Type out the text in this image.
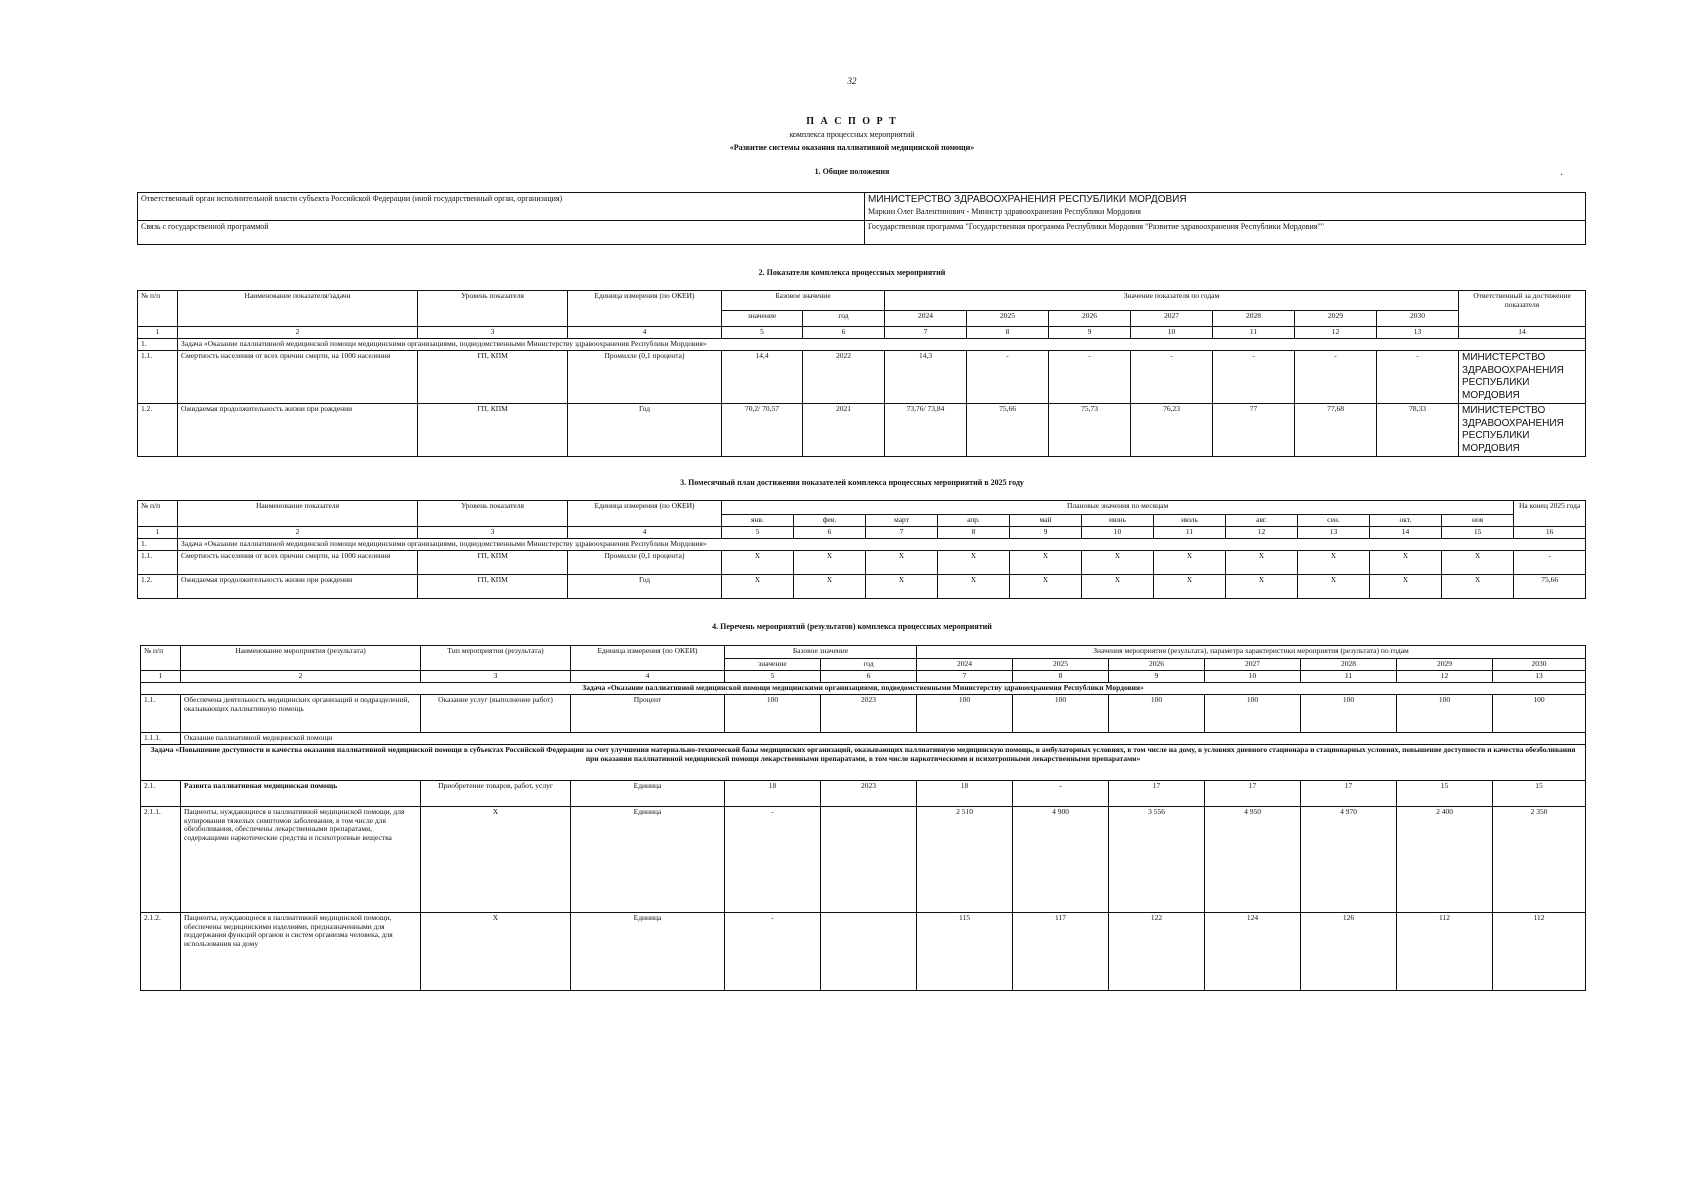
32
П А С П О Р Т
комплекса процессных мероприятий
«Развитие системы оказания паллиативной медицинской помощи»
1. Общие положения	·
Ответственный орган исполнительной власти субъекта Российской Федерации (иной государственный орган, организация)	МИНИСТЕРСТВО ЗДРАВООХРАНЕНИЯ РЕСПУБЛИКИ МОРДОВИЯ
Маркин Олег Валентинович - Министр здравоохранения Республики Мордовия

Связь с государственной программой	Государственная программа "Государственная программа Республики Мордовия "Развитие здравоохранения Республики Мордовия""
2. Показатели комплекса процессных мероприятий
№ п/п	Наименование показателя/задачи	Уровень показателя	Единица измерения (по ОКЕИ)	Базовое значение		Значение показателя по годам							Ответственный за достижение показателя
				значение	год	2024	2025	2026	2027	2028	2029	2030	
1	2	3	4	5	6	7	8	9	10	11	12	13	14
1.	Задача «Оказание паллиативной медицинской помощи медицинскими организациями, подведомственными Министерству здравоохранения Республики Мордовия»												
1.1.	Смертность населения от всех причин смерти, на 1000 населения	ГП, КПМ	Промилле (0,1 процента)	14,4	2022	14,3	-	-	-	-	-	-	МИНИСТЕРСТВО ЗДРАВООХРАНЕНИЯ РЕСПУБЛИКИ МОРДОВИЯ
1.2.	Ожидаемая продолжительность жизни при рождении	ГП, КПМ	Год	70,2/ 70,57	2021	73,76/ 73,84	75,66	75,73	76,23	77	77,68	78,33	МИНИСТЕРСТВО ЗДРАВООХРАНЕНИЯ РЕСПУБЛИКИ МОРДОВИЯ
3. Помесячный план достижения показателей комплекса процессных мероприятий в 2025 году
№ п/п	Наименование показателя	Уровень показателя	Единица измерения (по ОКЕИ)	Плановые значения по месяцам											На конец 2025 года
				янв.	фев.	март	апр.	май	июнь	июль	авг.	сен.	окт.	ноя	
1	2	3	4	5	6	7	8	9	10	11	12	13	14	15	16
1.	Задача «Оказание паллиативной медицинской помощи медицинскими организациями, подведомственными Министерству здравоохранения Республики Мордовия»														
1.1.	Смертность населения от всех причин смерти, на 1000 населения	ГП, КПМ	Промилле (0,1 процента)	X	X	X	X	X	X	X	X	X	X	X	-
1.2.	Ожидаемая продолжительность жизни при рождении	ГП, КПМ	Год	X	X	X	X	X	X	X	X	X	X	X	75,66
4. Перечень мероприятий (результатов) комплекса процессных мероприятий
№ п/п	Наименование мероприятия (результата)	Тип мероприятия (результата)	Единица измерения (по ОКЕИ)	Базовое значение		Значения мероприятия (результата), параметра характеристики мероприятия (результата) по годам						
				значение	год	2024	2025	2026	2027	2028	2029	2030
1	2	3	4	5	6	7	8	9	10	11	12	13
Задача «Оказание паллиативной медицинской помощи медицинскими организациями, подведомственными Министерству здравоохранения Республики Мордовия»												
1.1.	Обеспечена деятельность медицинских организаций и подразделений, оказывающих паллиативную помощь	Оказание услуг (выполнение работ)	Процент	100	2023	100	100	100	100	100	100	100
1.1.1.	Оказание паллиативной медицинской помощи											
Задача «Повышение доступности и качества оказания паллиативной медицинской помощи в субъектах Российской Федерации за счет улучшения материально-технической базы медицинских организаций, оказывающих паллиативную медицинскую помощь, в амбулаторных условиях, в том числе на дому, в условиях дневного стационара и стационарных условиях, повышение доступности и качества обезболивания при оказании паллиативной медицинской помощи лекарственными препаратами, в том числе наркотическими и психотропными лекарственными препаратами»												
2.1.	Развита паллиативная медицинская помощь	Приобретение товаров, работ, услуг	Единица	18	2023	18	-	17	17	17	15	15
2.1.1.	Пациенты, нуждающиеся в паллиативной медицинской помощи, для купирования тяжелых симптомов заболевания, в том числе для обезболивания, обеспечены лекарственными препаратами, содержащими наркотические средства и психотропные вещества	X	Единица	-		2 510	4 900	3 556	4 950	4 970	2 400	2 350
2.1.2.	Пациенты, нуждающиеся в паллиативной медицинской помощи, обеспечены медицинскими изделиями, предназначенными для поддержания функций органов и систем организма человека, для использования на дому	X	Единица	-		115	117	122	124	126	112	112
